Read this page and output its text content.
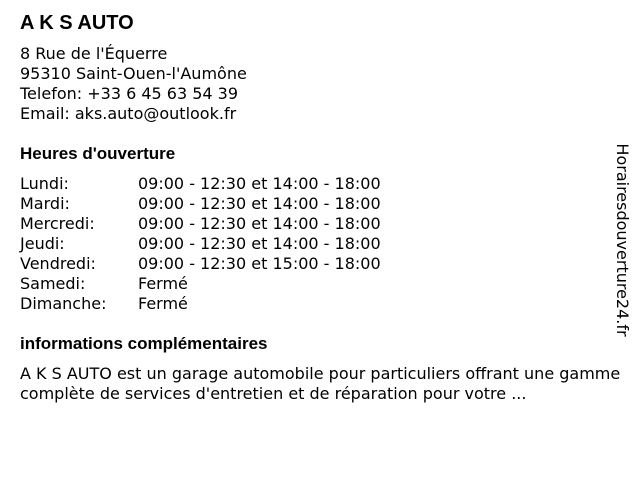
A K S AUTO
8 Rue de l'Équerre
95310 Saint-Ouen-l'Aumône
Telefon: +33 6 45 63 54 39
Email: aks.auto@outlook.fr
Heures d'ouverture
Lundi:	09:00 - 12:30 et 14:00 - 18:00
Mardi:	09:00 - 12:30 et 14:00 - 18:00
Mercredi:	09:00 - 12:30 et 14:00 - 18:00
Jeudi:	09:00 - 12:30 et 14:00 - 18:00
Vendredi:	09:00 - 12:30 et 15:00 - 18:00
Samedi:	Fermé
Dimanche: Fermé
informations complémentaires
A K S AUTO est un garage automobile pour particuliers offrant une gamme complète de services d'entretien et de réparation pour votre ...
Horairesdouverture24.fr
